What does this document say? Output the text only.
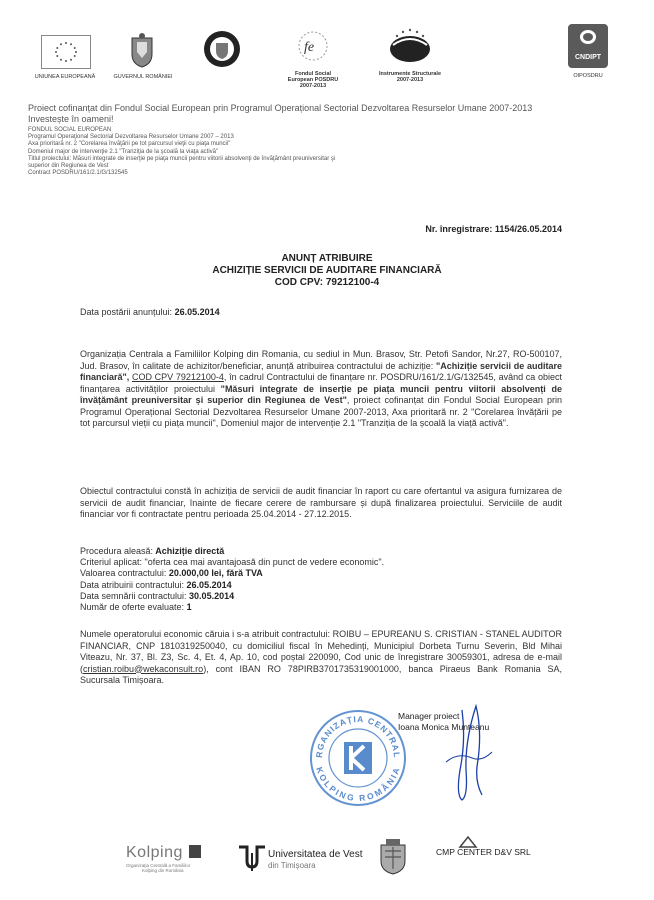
UNIUNEA EUROPEANĂ	GUVERNUL ROMÂNIEI
fe
Fondul Social European POSDRU 2007-2013
Instrumente Structurale 2007-2013
CNDIPT
OIPOSDRU
Proiect cofinanțat din Fondul Social European prin Programul Operațional Sectorial Dezvoltarea Resurselor Umane 2007-2013
Investește în oameni!
FONDUL SOCIAL EUROPEAN
Programul Operaţional Sectorial Dezvoltarea Resurselor Umane 2007 – 2013
Axa prioritară nr. 2 "Corelarea învăţării pe tot parcursul vieţii cu piaţa muncii"
Domeniul major de intervenţie 2.1 "Tranziţia de la şcoală la viaţa activă"
Titlul proiectului: Măsuri integrate de inserţie pe piaţa muncii pentru viitorii absolvenţi de învăţământ preuniversitar şi
superior din Regiunea de Vest
Contract POSDRU/161/2.1/G/132545
Nr. înregistrare: 1154/26.05.2014
ANUNȚ ATRIBUIRE
ACHIZIȚIE SERVICII DE AUDITARE FINANCIARĂ
COD CPV: 79212100-4
Data postării anunțului: 26.05.2014
Organizația Centrala a Familiilor Kolping din Romania, cu sediul in Mun. Brasov, Str. Petofi Sandor, Nr.27, RO-500107, Jud. Brasov, în calitate de achizitor/beneficiar, anunță atribuirea contractului de achiziție: "Achiziție servicii de auditare financiară", COD CPV 79212100-4, în cadrul Contractului de finanțare nr. POSDRU/161/2.1/G/132545, având ca obiect finanțarea activităților proiectului "Măsuri integrate de inserție pe piața muncii pentru viitorii absolvenți de învățământ preuniversitar și superior din Regiunea de Vest", proiect cofinanțat din Fondul Social European prin Programul Operațional Sectorial Dezvoltarea Resurselor Umane 2007-2013, Axa prioritară nr. 2 "Corelarea învățării pe tot parcursul vieții cu piața muncii", Domeniul major de intervenție 2.1 "Tranziția de la școală la viață activă".
Obiectul contractului constă în achiziția de servicii de audit financiar în raport cu care ofertantul va asigura furnizarea de servicii de audit financiar, înainte de fiecare cerere de rambursare și după finalizarea proiectului. Serviciile de audit financiar vor fi contractate pentru perioada 25.04.2014 - 27.12.2015.
Procedura aleasă: Achiziție directă
Criteriul aplicat: "oferta cea mai avantajoasă din punct de vedere economic".
Valoarea contractului: 20.000,00 lei, fără TVA
Data atribuirii contractului: 26.05.2014
Data semnării contractului: 30.05.2014
Număr de oferte evaluate: 1
Numele operatorului economic căruia i s-a atribuit contractului: ROIBU – EPUREANU S. CRISTIAN - STANEL AUDITOR FINANCIAR, CNP 1810319250040, cu domiciliul fiscal în Mehedinți, Municipiul Dorbeta Turnu Severin, Bld Mihai Viteazu, Nr. 37, Bl. Z3, Sc. 4, Et. 4, Ap. 10, cod poștal 220090, Cod unic de înregistrare 30059301, adresa de e-mail (cristian.roibu@wekaconsult.ro), cont IBAN RO 78PIRB3701735319001000, banca Piraeus Bank Romania SA, Sucursala Timișoara.
RGANIZAȚIA CENTRAL
KOLPING ROMÂNIA
Manager proiect
Ioana Monica Munteanu
Kolping
Organizaţia Centrală a Familiilor
Kolping din România
Universitatea de Vest
din Timișoara
CMP CENTER D&V SRL
